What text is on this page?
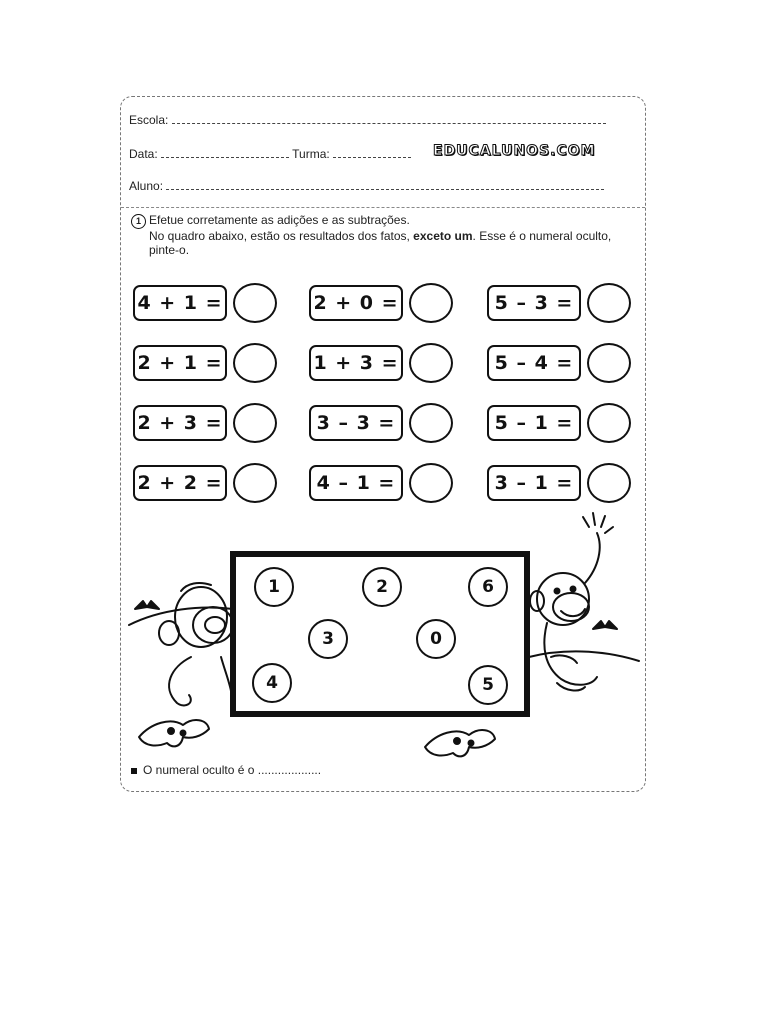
Escola:
Data:	Turma:	EDUCALUNOS.COM
Aluno:
1 Efetue corretamente as adições e as subtrações.
No quadro abaixo, estão os resultados dos fatos, exceto um. Esse é o numeral oculto, pinte-o.
4 + 1 =	2 + 0 =	5 – 3 =
2 + 1 =	1 + 3 =	5 – 4 =
2 + 3 =	3 – 3 =	5 – 1 =
2 + 2 =	4 – 1 =	3 – 1 =
1	2	6
3	0
4	5
O numeral oculto é o ...................
